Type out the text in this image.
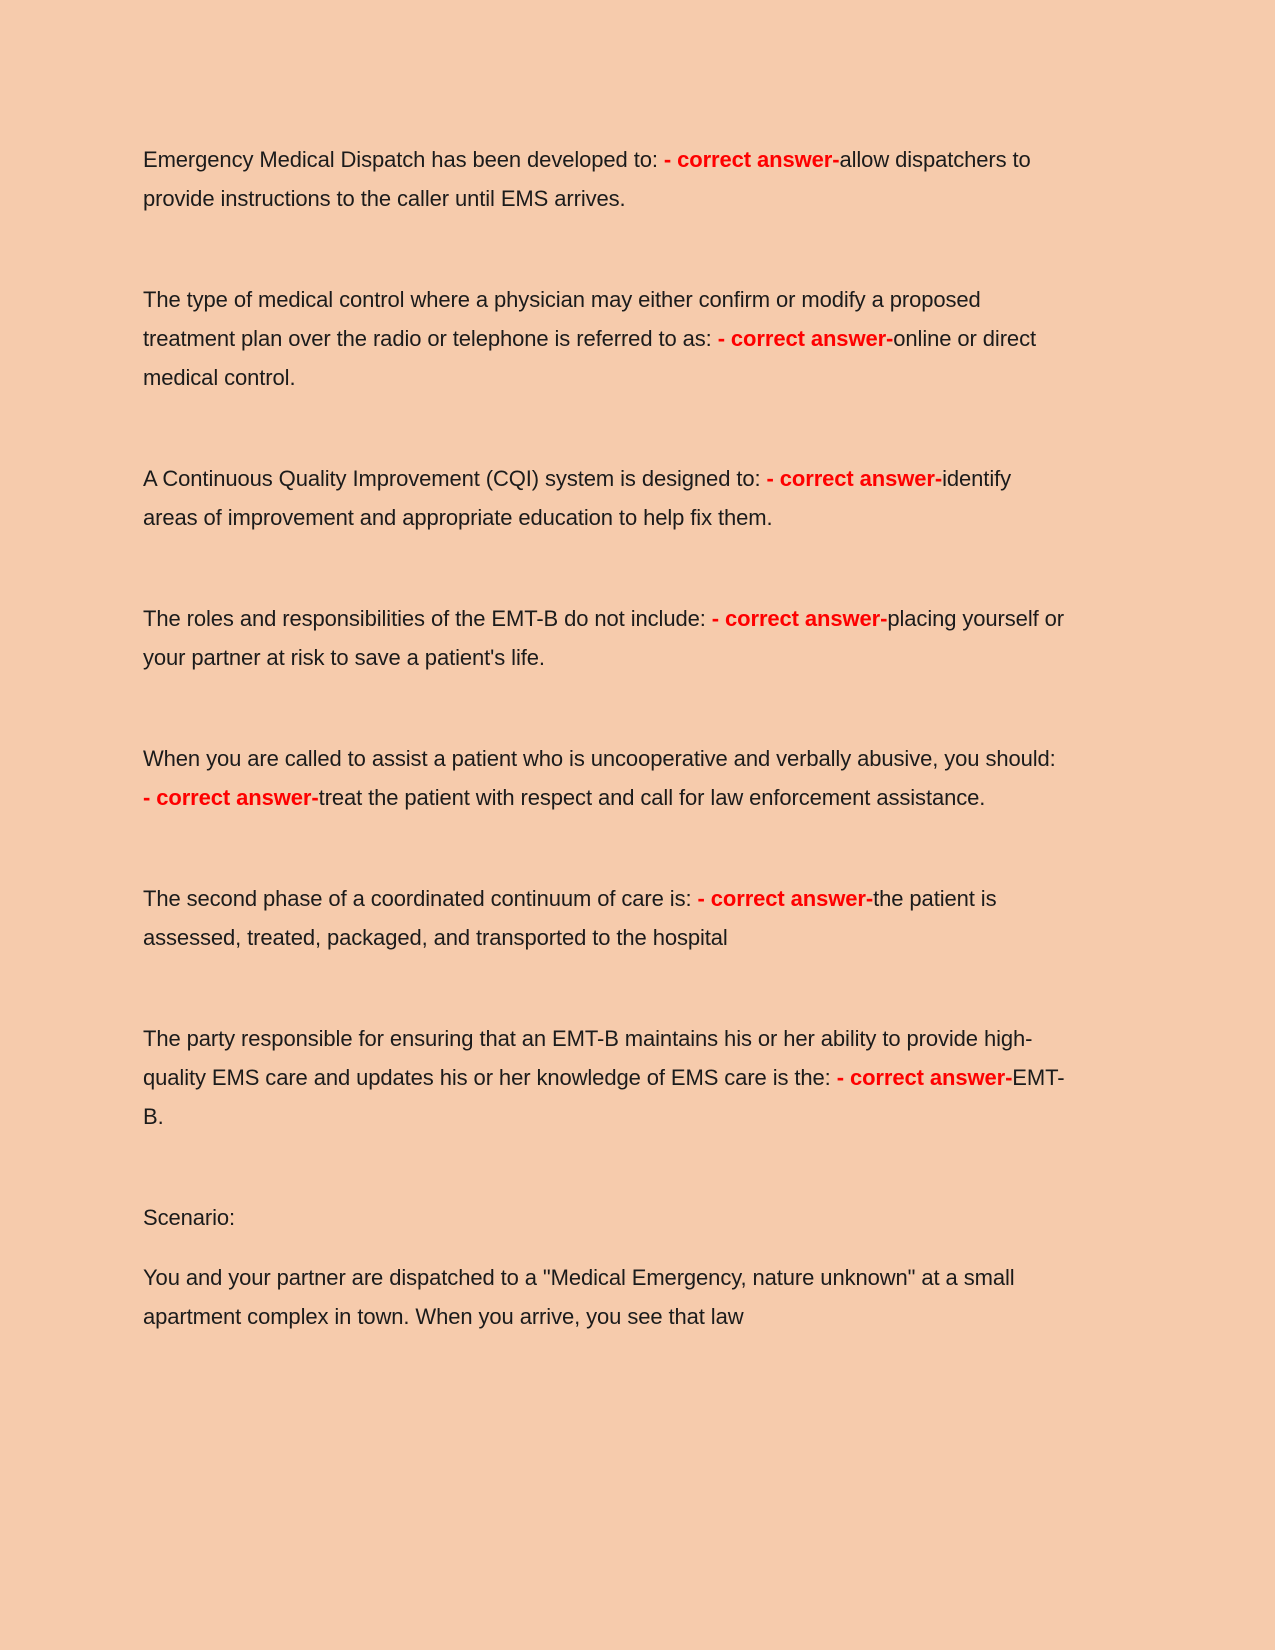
Emergency Medical Dispatch has been developed to: - correct answer-allow dispatchers to provide instructions to the caller until EMS arrives.

The type of medical control where a physician may either confirm or modify a proposed treatment plan over the radio or telephone is referred to as: - correct answer-online or direct medical control.

A Continuous Quality Improvement (CQI) system is designed to: - correct answer-identify areas of improvement and appropriate education to help fix them.

The roles and responsibilities of the EMT-B do not include: - correct answer-placing yourself or your partner at risk to save a patient's life.

When you are called to assist a patient who is uncooperative and verbally abusive, you should: - correct answer-treat the patient with respect and call for law enforcement assistance.

The second phase of a coordinated continuum of care is: - correct answer-the patient is assessed, treated, packaged, and transported to the hospital

The party responsible for ensuring that an EMT-B maintains his or her ability to provide high-quality EMS care and updates his or her knowledge of EMS care is the: - correct answer-EMT-B.

Scenario:

You and your partner are dispatched to a "Medical Emergency, nature unknown" at a small apartment complex in town. When you arrive, you see that law
